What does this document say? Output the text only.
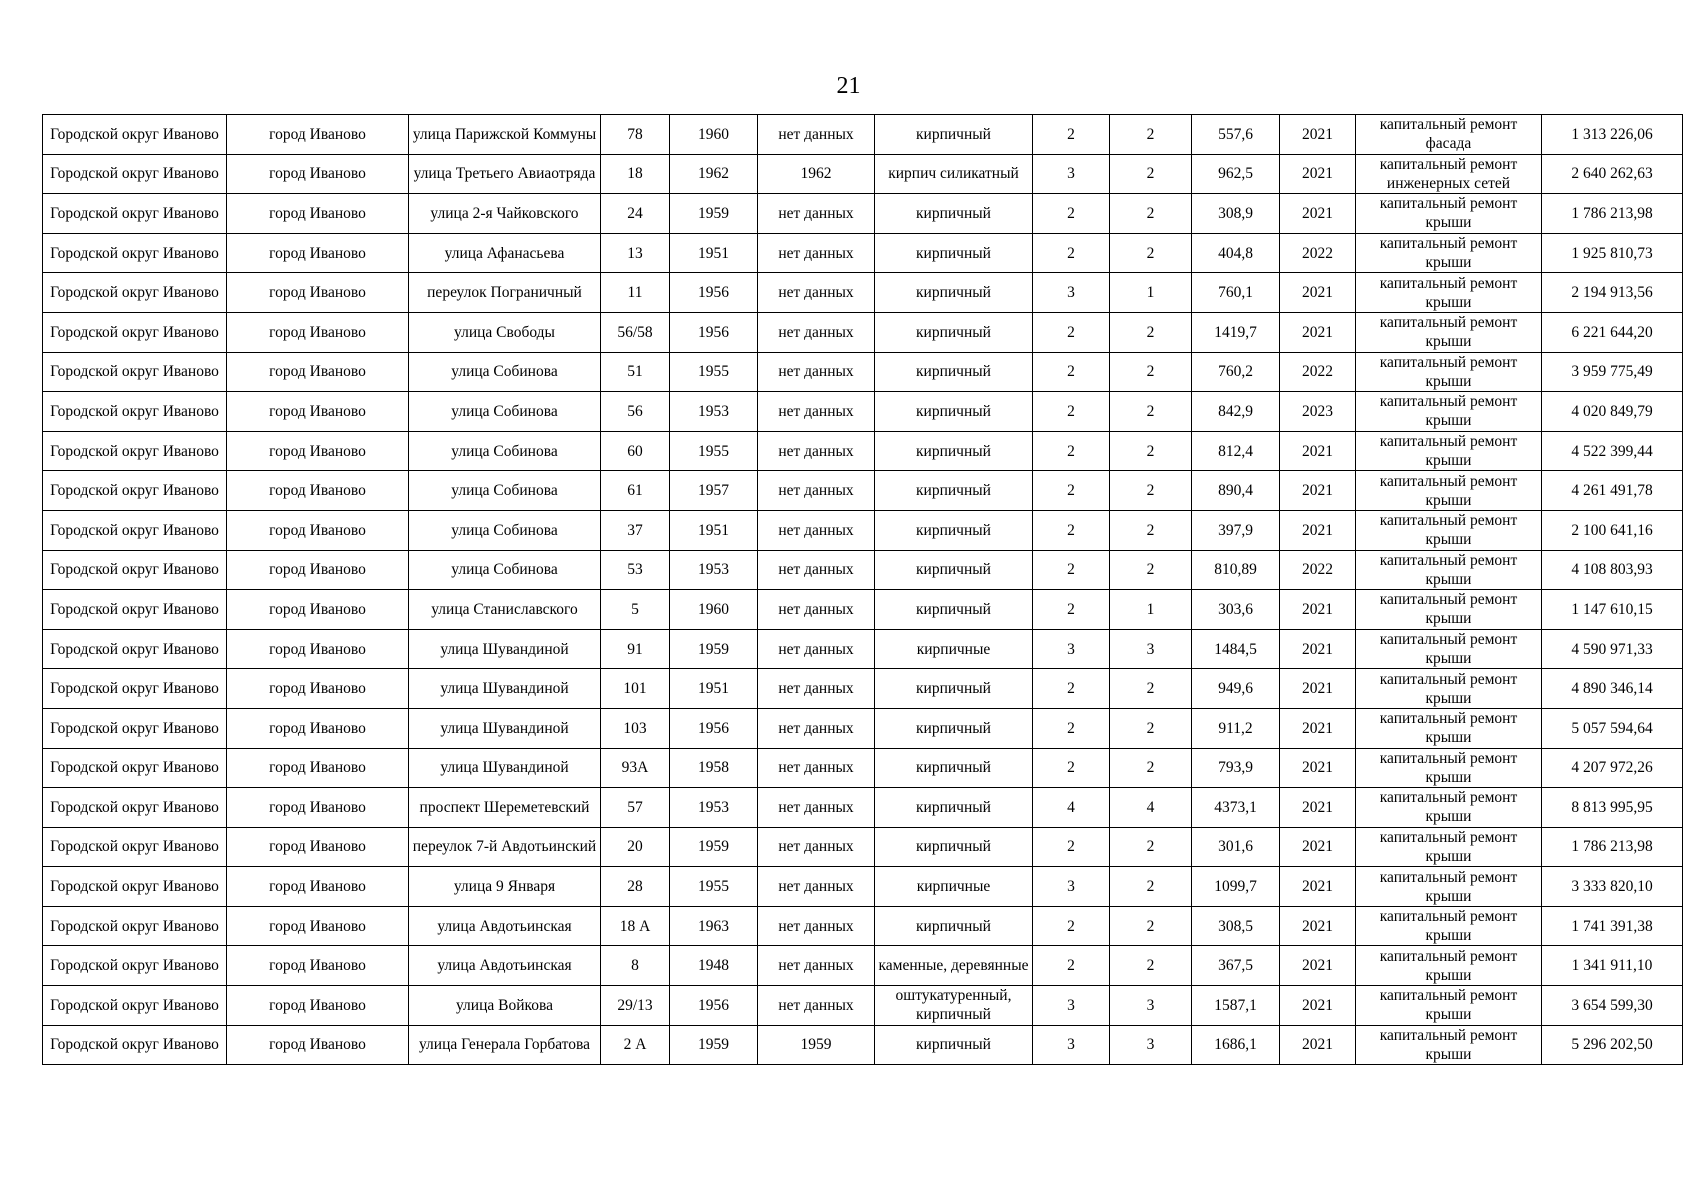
21
Городской округ Иваново	город Иваново	улица Парижской Коммуны	78	1960	нет данных	кирпичный	2	2	557,6	2021	капитальный ремонт фасада	1 313 226,06
Городской округ Иваново	город Иваново	улица Третьего Авиаотряда	18	1962	1962	кирпич силикатный	3	2	962,5	2021	капитальный ремонт инженерных сетей	2 640 262,63
Городской округ Иваново	город Иваново	улица 2-я Чайковского	24	1959	нет данных	кирпичный	2	2	308,9	2021	капитальный ремонт крыши	1 786 213,98
Городской округ Иваново	город Иваново	улица Афанасьева	13	1951	нет данных	кирпичный	2	2	404,8	2022	капитальный ремонт крыши	1 925 810,73
Городской округ Иваново	город Иваново	переулок Пограничный	11	1956	нет данных	кирпичный	3	1	760,1	2021	капитальный ремонт крыши	2 194 913,56
Городской округ Иваново	город Иваново	улица Свободы	56/58	1956	нет данных	кирпичный	2	2	1419,7	2021	капитальный ремонт крыши	6 221 644,20
Городской округ Иваново	город Иваново	улица Собинова	51	1955	нет данных	кирпичный	2	2	760,2	2022	капитальный ремонт крыши	3 959 775,49
Городской округ Иваново	город Иваново	улица Собинова	56	1953	нет данных	кирпичный	2	2	842,9	2023	капитальный ремонт крыши	4 020 849,79
Городской округ Иваново	город Иваново	улица Собинова	60	1955	нет данных	кирпичный	2	2	812,4	2021	капитальный ремонт крыши	4 522 399,44
Городской округ Иваново	город Иваново	улица Собинова	61	1957	нет данных	кирпичный	2	2	890,4	2021	капитальный ремонт крыши	4 261 491,78
Городской округ Иваново	город Иваново	улица Собинова	37	1951	нет данных	кирпичный	2	2	397,9	2021	капитальный ремонт крыши	2 100 641,16
Городской округ Иваново	город Иваново	улица Собинова	53	1953	нет данных	кирпичный	2	2	810,89	2022	капитальный ремонт крыши	4 108 803,93
Городской округ Иваново	город Иваново	улица Станиславского	5	1960	нет данных	кирпичный	2	1	303,6	2021	капитальный ремонт крыши	1 147 610,15
Городской округ Иваново	город Иваново	улица Шувандиной	91	1959	нет данных	кирпичные	3	3	1484,5	2021	капитальный ремонт крыши	4 590 971,33
Городской округ Иваново	город Иваново	улица Шувандиной	101	1951	нет данных	кирпичный	2	2	949,6	2021	капитальный ремонт крыши	4 890 346,14
Городской округ Иваново	город Иваново	улица Шувандиной	103	1956	нет данных	кирпичный	2	2	911,2	2021	капитальный ремонт крыши	5 057 594,64
Городской округ Иваново	город Иваново	улица Шувандиной	93А	1958	нет данных	кирпичный	2	2	793,9	2021	капитальный ремонт крыши	4 207 972,26
Городской округ Иваново	город Иваново	проспект Шереметевский	57	1953	нет данных	кирпичный	4	4	4373,1	2021	капитальный ремонт крыши	8 813 995,95
Городской округ Иваново	город Иваново	переулок 7-й Авдотьинский	20	1959	нет данных	кирпичный	2	2	301,6	2021	капитальный ремонт крыши	1 786 213,98
Городской округ Иваново	город Иваново	улица 9 Января	28	1955	нет данных	кирпичные	3	2	1099,7	2021	капитальный ремонт крыши	3 333 820,10
Городской округ Иваново	город Иваново	улица Авдотьинская	18 А	1963	нет данных	кирпичный	2	2	308,5	2021	капитальный ремонт крыши	1 741 391,38
Городской округ Иваново	город Иваново	улица Авдотьинская	8	1948	нет данных	каменные, деревянные	2	2	367,5	2021	капитальный ремонт крыши	1 341 911,10
Городской округ Иваново	город Иваново	улица Войкова	29/13	1956	нет данных	оштукатуренный, кирпичный	3	3	1587,1	2021	капитальный ремонт крыши	3 654 599,30
Городской округ Иваново	город Иваново	улица Генерала Горбатова	2 А	1959	1959	кирпичный	3	3	1686,1	2021	капитальный ремонт крыши	5 296 202,50
